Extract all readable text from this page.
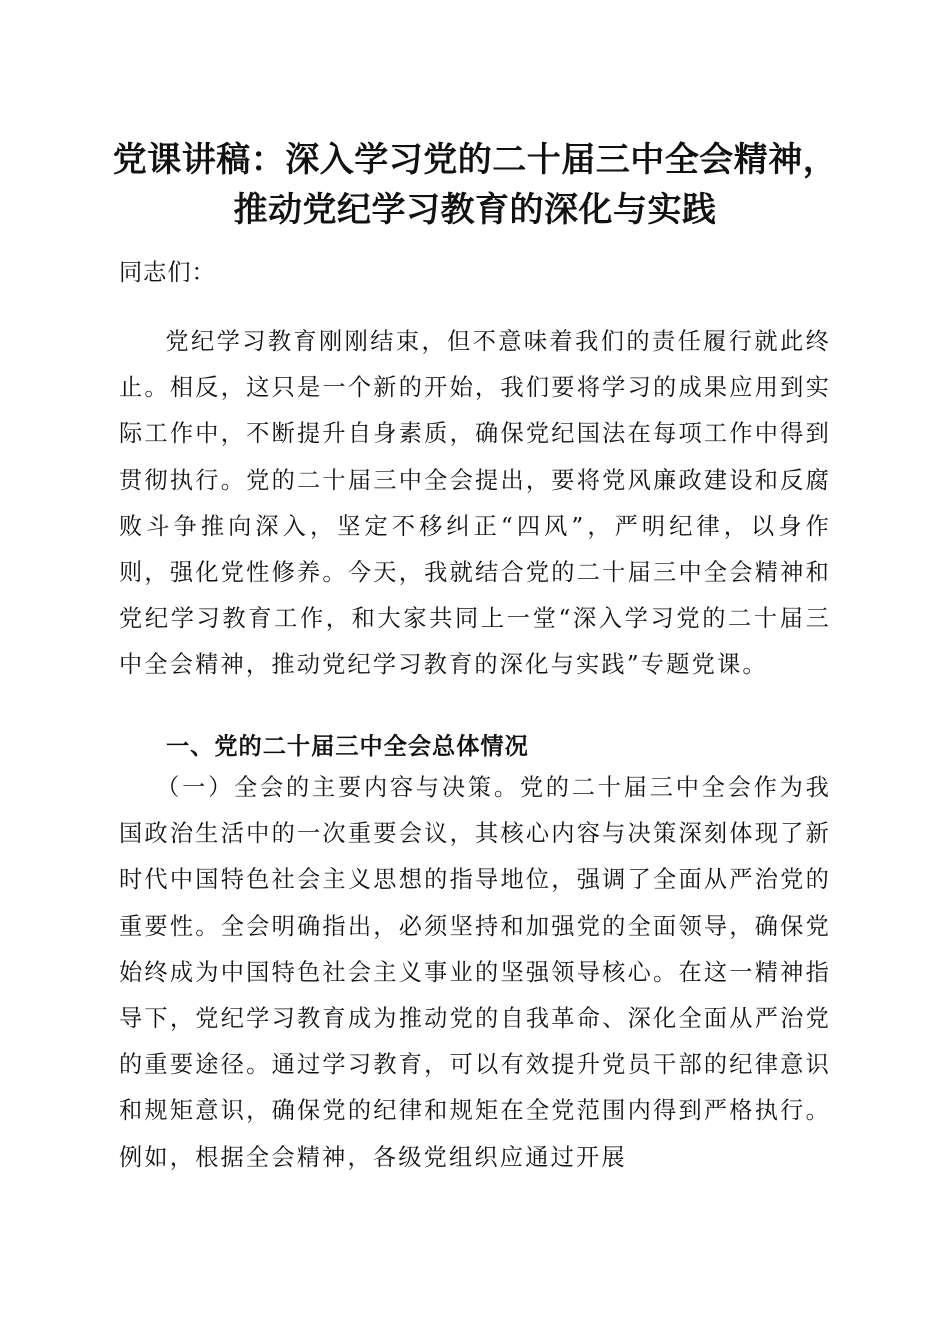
党课讲稿：深入学习党的二十届三中全会精神，
推动党纪学习教育的深化与实践

同志们：

党纪学习教育刚刚结束，但不意味着我们的责任履行就此终止。相反，这只是一个新的开始，我们要将学习的成果应用到实际工作中，不断提升自身素质，确保党纪国法在每项工作中得到贯彻执行。党的二十届三中全会提出，要将党风廉政建设和反腐败斗争推向深入，坚定不移纠正“四风”，严明纪律，以身作则，强化党性修养。今天，我就结合党的二十届三中全会精神和党纪学习教育工作，和大家共同上一堂“深入学习党的二十届三中全会精神，推动党纪学习教育的深化与实践”专题党课。

一、党的二十届三中全会总体情况

（一）全会的主要内容与决策。党的二十届三中全会作为我国政治生活中的一次重要会议，其核心内容与决策深刻体现了新时代中国特色社会主义思想的指导地位，强调了全面从严治党的重要性。全会明确指出，必须坚持和加强党的全面领导，确保党始终成为中国特色社会主义事业的坚强领导核心。在这一精神指导下，党纪学习教育成为推动党的自我革命、深化全面从严治党的重要途径。通过学习教育，可以有效提升党员干部的纪律意识和规矩意识，确保党的纪律和规矩在全党范围内得到严格执行。例如，根据全会精神，各级党组织应通过开展
